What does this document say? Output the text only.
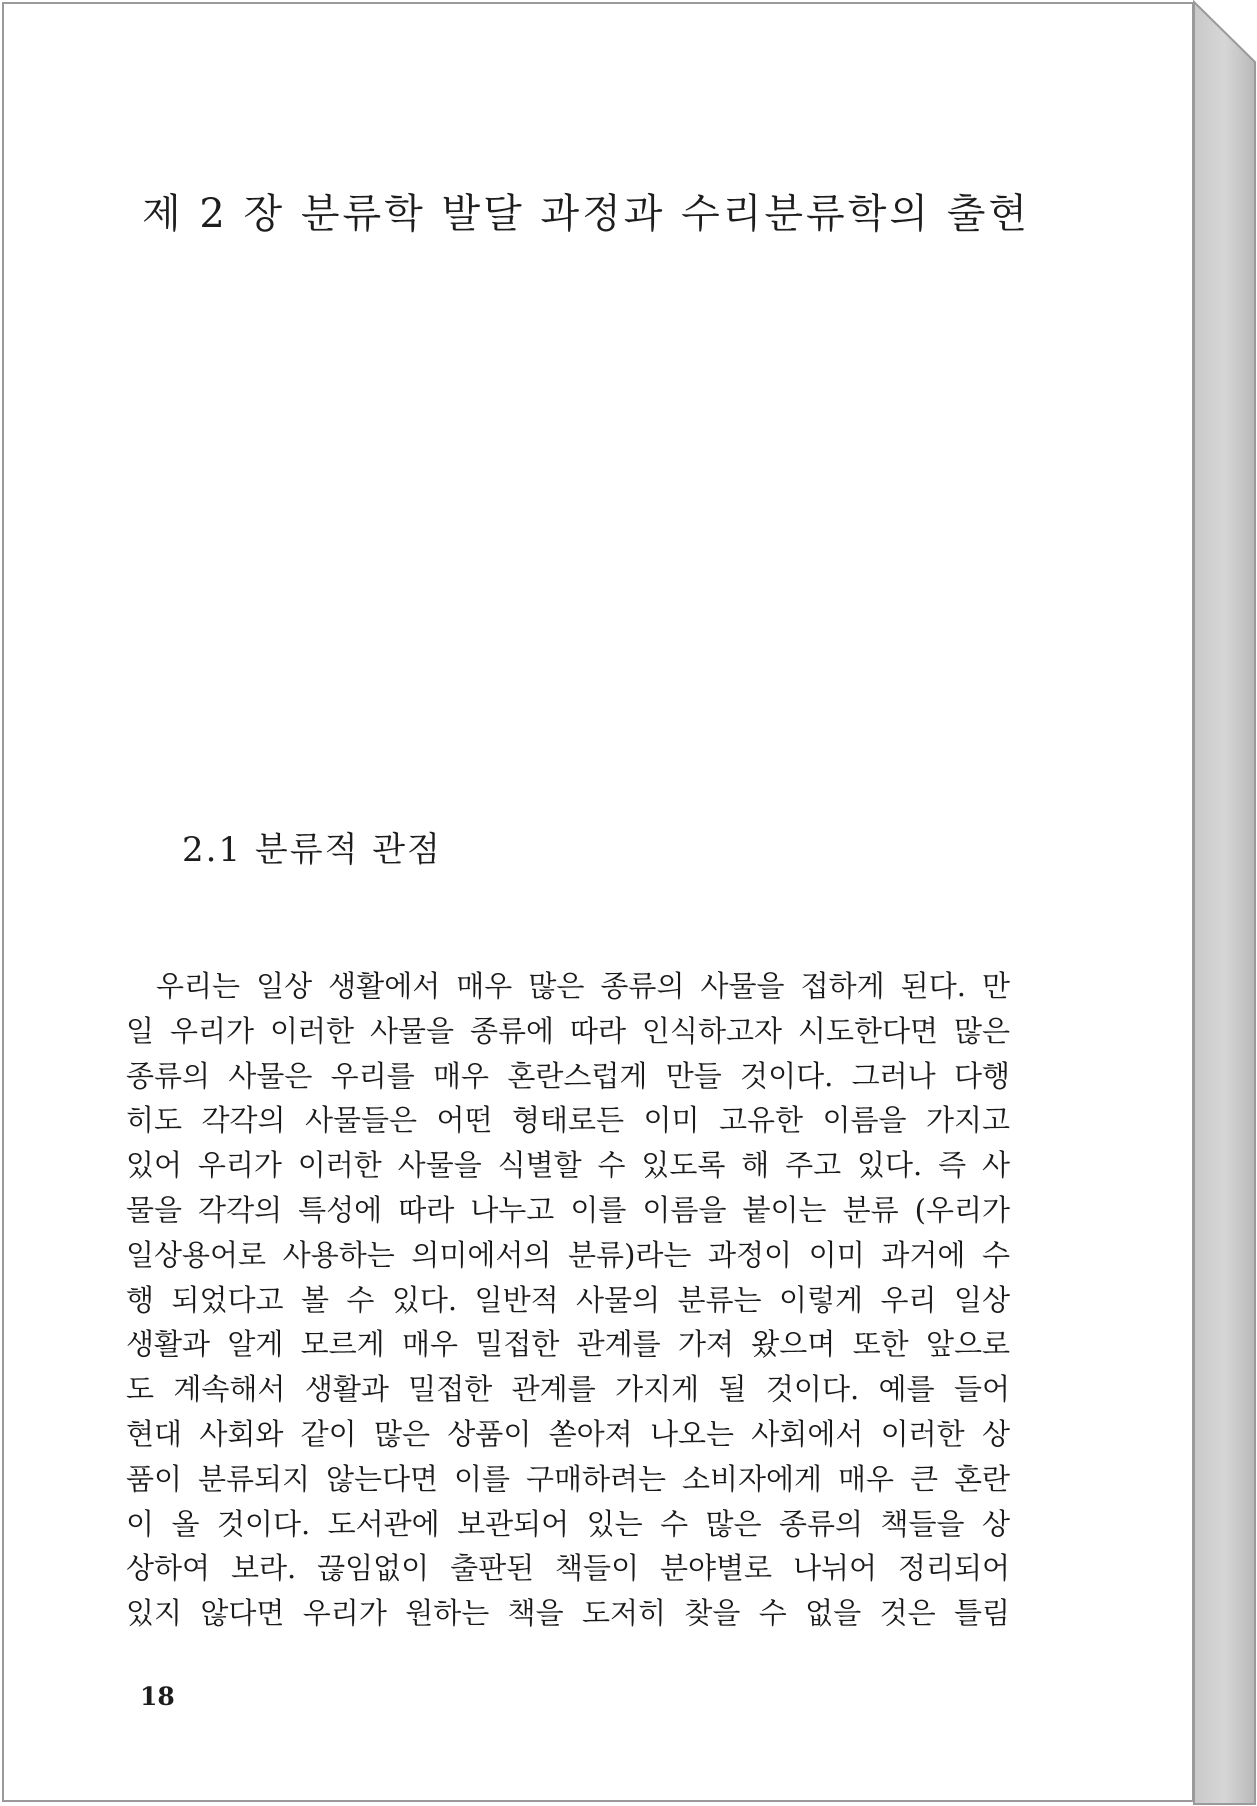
제 2 장 분류학 발달 과정과 수리분류학의 출현
2.1 분류적 관점
우리는 일상 생활에서 매우 많은 종류의 사물을 접하게 된다. 만
일 우리가 이러한 사물을 종류에 따라 인식하고자 시도한다면 많은
종류의 사물은 우리를 매우 혼란스럽게 만들 것이다. 그러나 다행
히도 각각의 사물들은 어떤 형태로든 이미 고유한 이름을 가지고
있어 우리가 이러한 사물을 식별할 수 있도록 해 주고 있다. 즉 사
물을 각각의 특성에 따라 나누고 이를 이름을 붙이는 분류 (우리가
일상용어로 사용하는 의미에서의 분류)라는 과정이 이미 과거에 수
행 되었다고 볼 수 있다. 일반적 사물의 분류는 이렇게 우리 일상
생활과 알게 모르게 매우 밀접한 관계를 가져 왔으며 또한 앞으로
도 계속해서 생활과 밀접한 관계를 가지게 될 것이다. 예를 들어
현대 사회와 같이 많은 상품이 쏟아져 나오는 사회에서 이러한 상
품이 분류되지 않는다면 이를 구매하려는 소비자에게 매우 큰 혼란
이 올 것이다. 도서관에 보관되어 있는 수 많은 종류의 책들을 상
상하여 보라. 끊임없이 출판된 책들이 분야별로 나뉘어 정리되어
있지 않다면 우리가 원하는 책을 도저히 찾을 수 없을 것은 틀림
18
